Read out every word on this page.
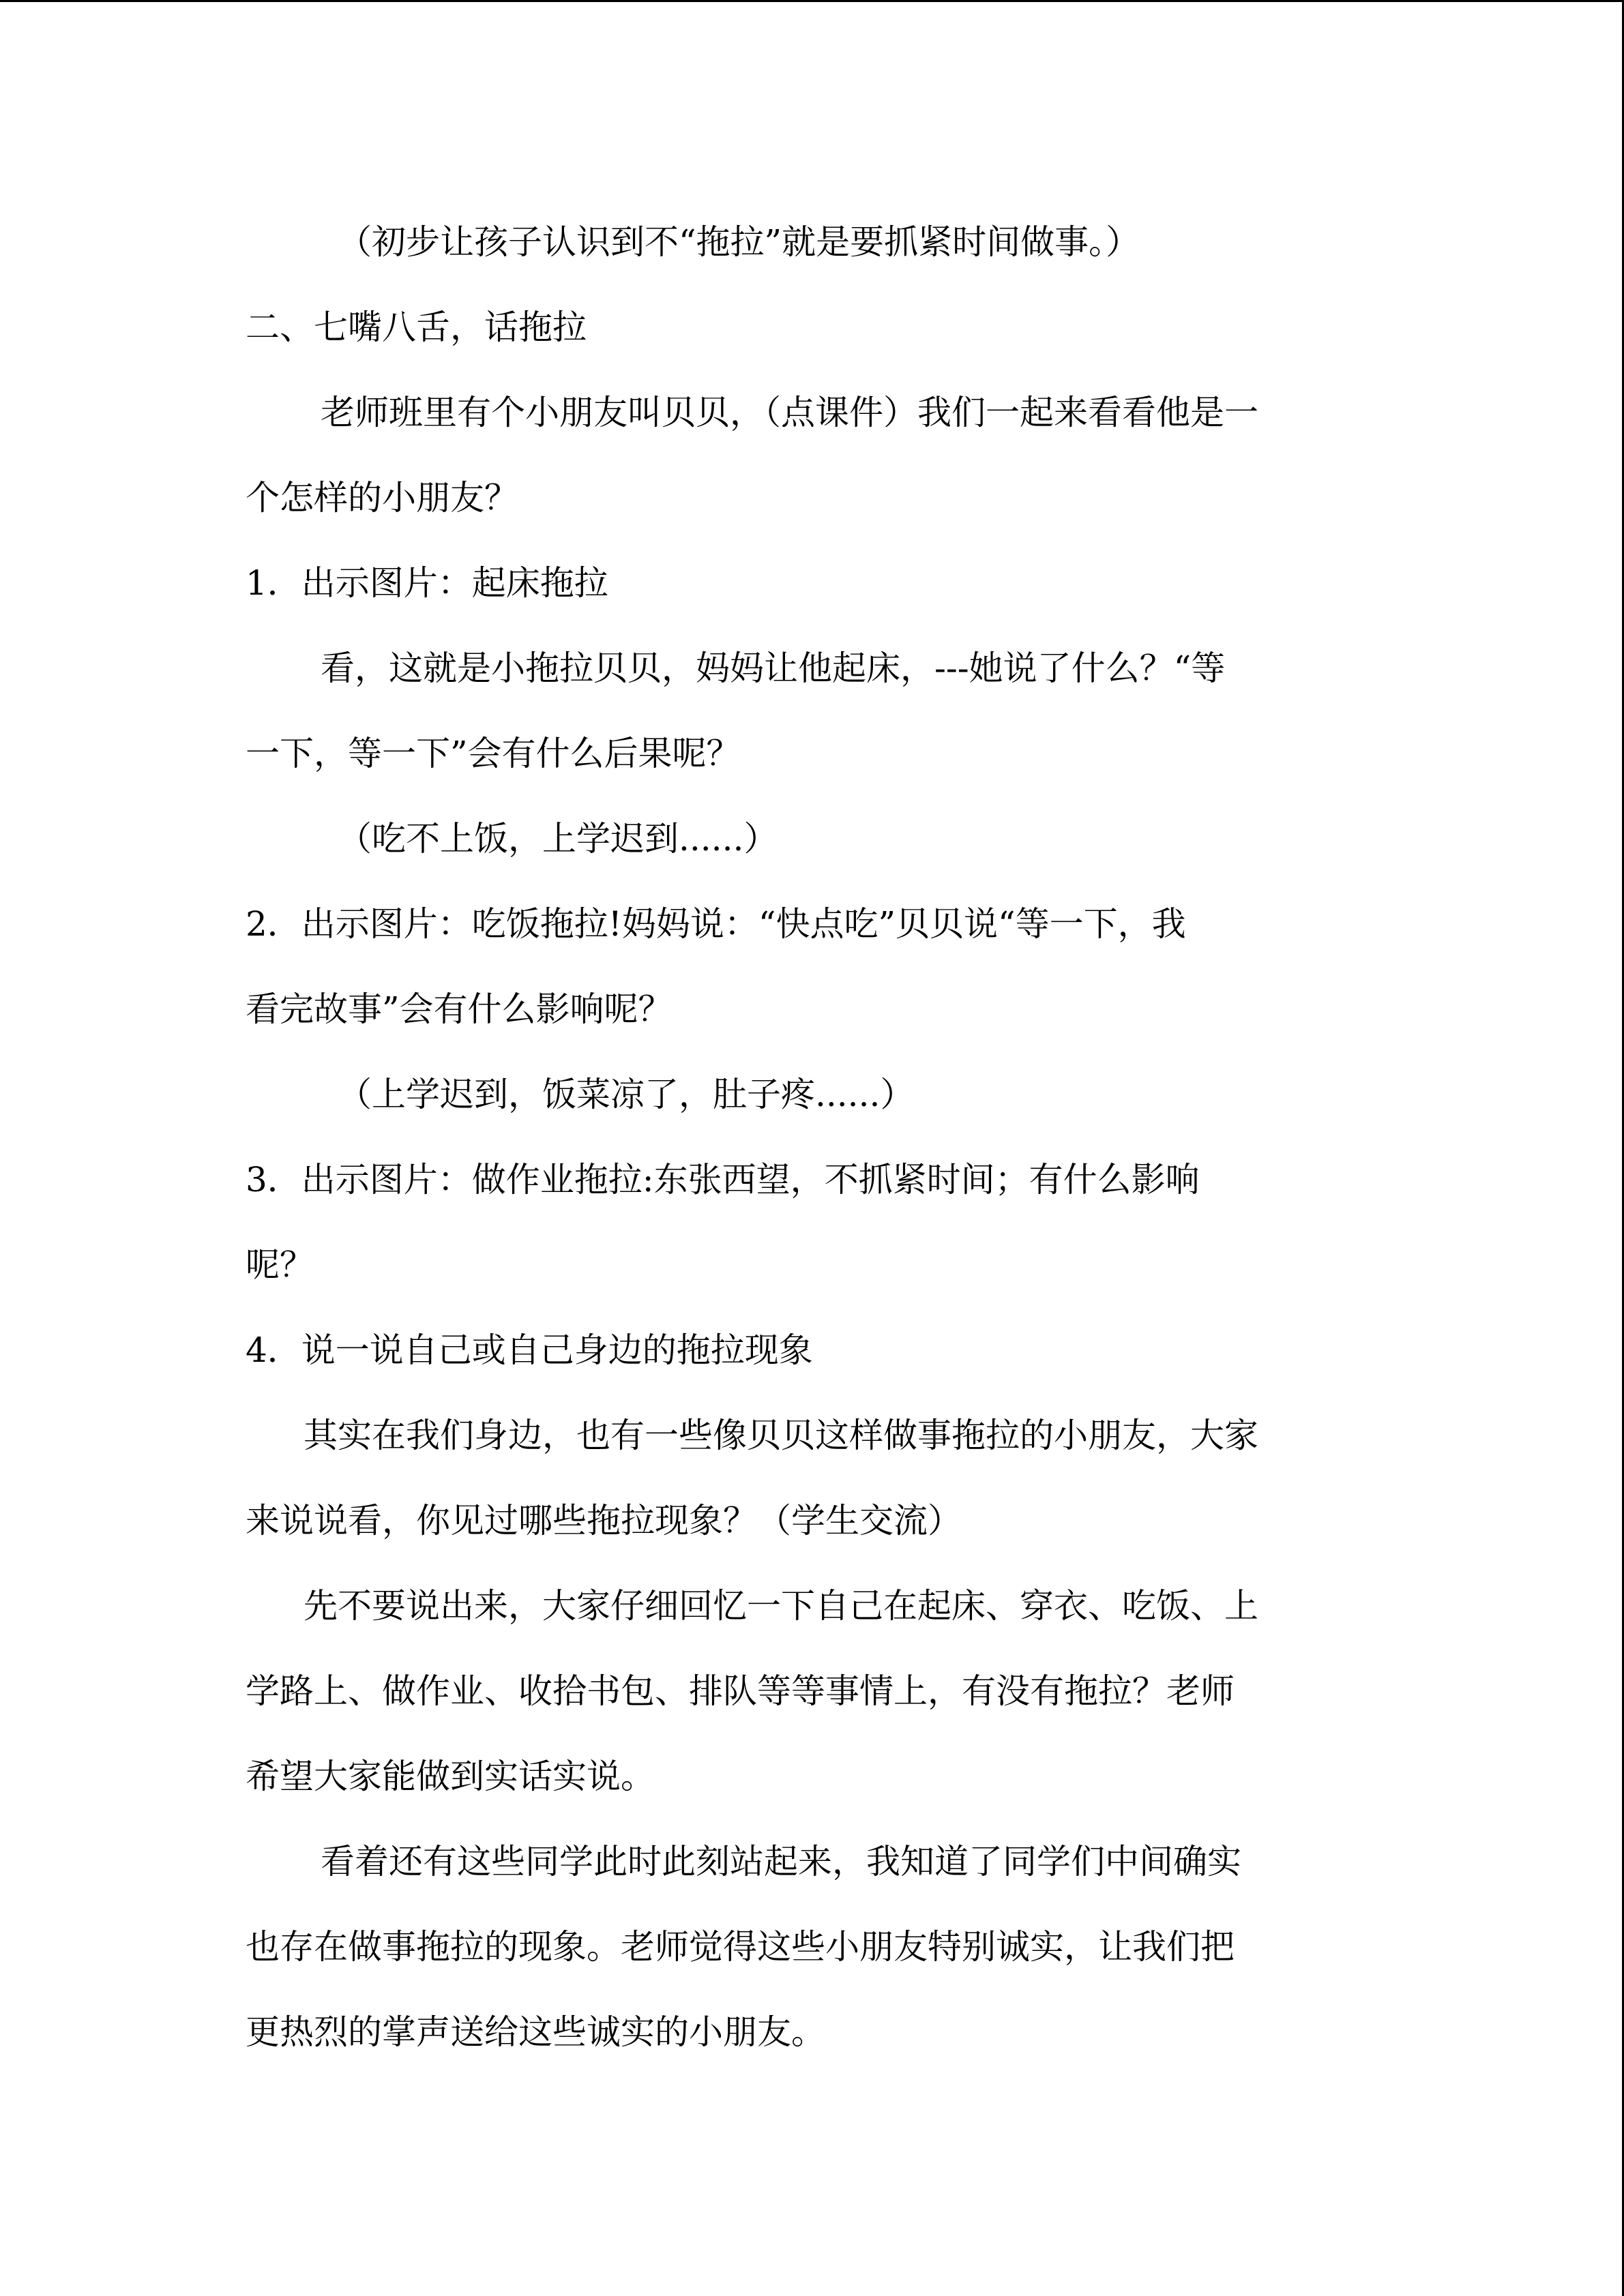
（初步让孩子认识到不“拖拉”就是要抓紧时间做事。）
二、七嘴八舌，话拖拉
老师班里有个小朋友叫贝贝，（点课件）我们一起来看看他是一
个怎样的小朋友？
1．出示图片：起床拖拉
看，这就是小拖拉贝贝，妈妈让他起床，---她说了什么？“等
一下，等一下”会有什么后果呢？
（吃不上饭，上学迟到......）
2．出示图片：吃饭拖拉!妈妈说：“快点吃”贝贝说“等一下，我
看完故事”会有什么影响呢？
（上学迟到，饭菜凉了，肚子疼......）
3．出示图片：做作业拖拉:东张西望，不抓紧时间；有什么影响
呢？
4．说一说自己或自己身边的拖拉现象
其实在我们身边，也有一些像贝贝这样做事拖拉的小朋友，大家
来说说看，你见过哪些拖拉现象？（学生交流）
先不要说出来，大家仔细回忆一下自己在起床、穿衣、吃饭、上
学路上、做作业、收拾书包、排队等等事情上，有没有拖拉？老师
希望大家能做到实话实说。
看着还有这些同学此时此刻站起来，我知道了同学们中间确实
也存在做事拖拉的现象。老师觉得这些小朋友特别诚实，让我们把
更热烈的掌声送给这些诚实的小朋友。
